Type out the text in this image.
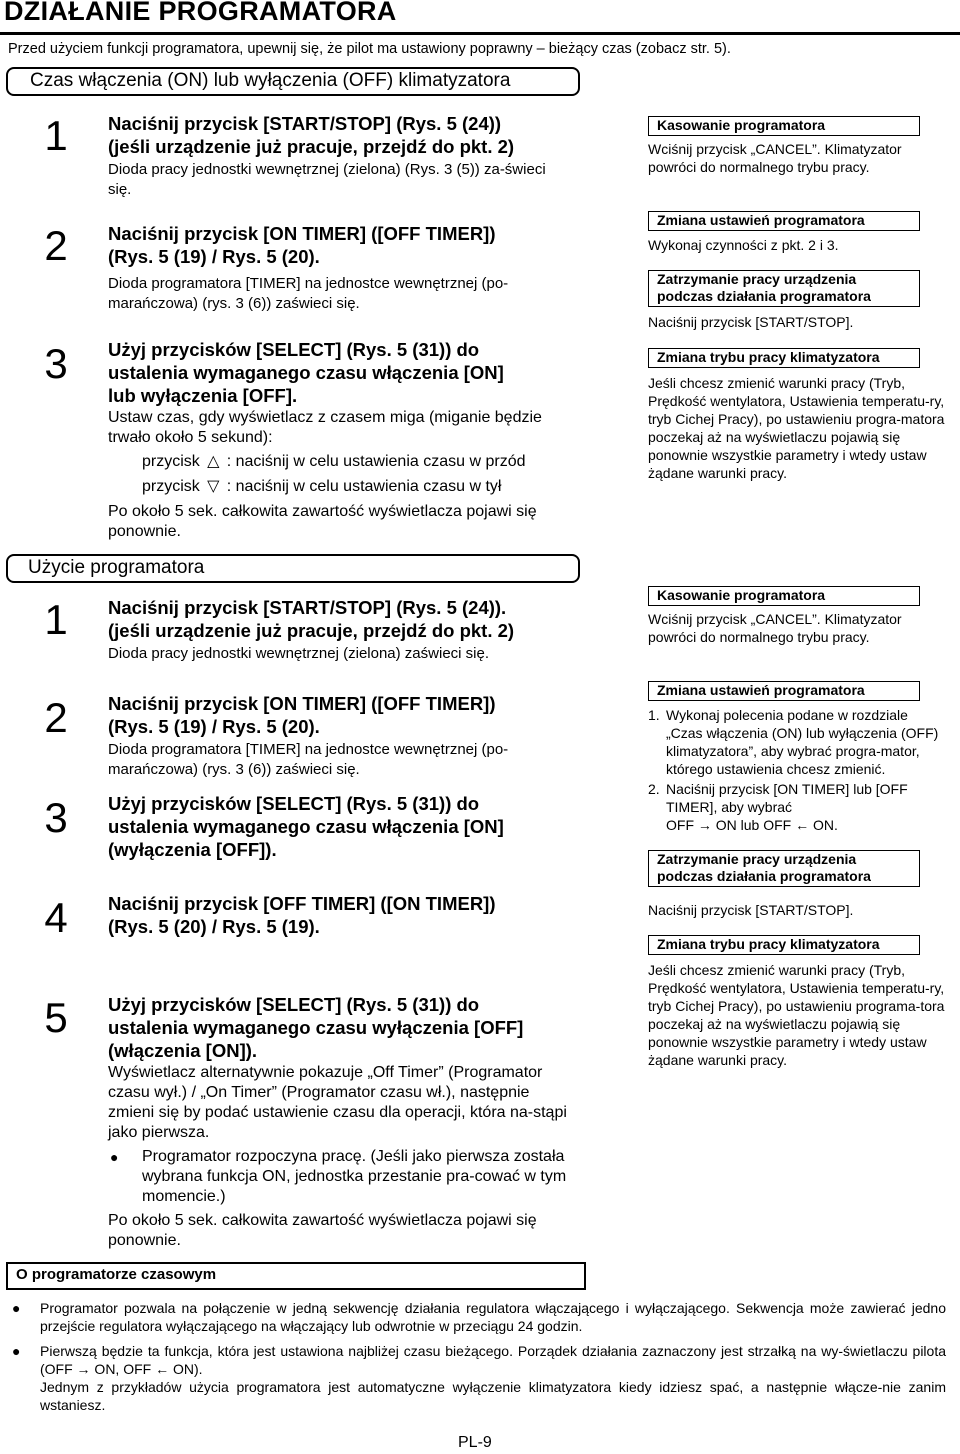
DZIAŁANIE PROGRAMATORA
Przed użyciem funkcji programatora, upewnij się, że pilot ma ustawiony poprawny – bieżący czas (zobacz str. 5).
Czas włączenia (ON) lub wyłączenia (OFF) klimatyzatora
1
2
3
Naciśnij przycisk [START/STOP] (Rys. 5 (24))
(jeśli urządzenie już pracuje, przejdź do pkt. 2)
Dioda pracy jednostki wewnętrznej (zielona) (Rys. 3 (5)) za-świeci się.
Naciśnij przycisk [ON TIMER] ([OFF TIMER])
(Rys. 5 (19) / Rys. 5 (20).
Dioda programatora [TIMER] na jednostce wewnętrznej (po-marańczowa) (rys. 3 (6)) zaświeci się.
Użyj przycisków [SELECT] (Rys. 5 (31)) do
ustalenia wymaganego czasu włączenia [ON]
lub wyłączenia [OFF].
Ustaw czas, gdy wyświetlacz z czasem miga (miganie będzie trwało około 5 sekund):
przycisk △ : naciśnij w celu ustawienia czasu w przód
przycisk ▽ : naciśnij w celu ustawienia czasu w tył
Po około 5 sek. całkowita zawartość wyświetlacza pojawi się ponownie.
Kasowanie programatora
Wciśnij przycisk „CANCEL”. Klimatyzator powróci do normalnego trybu pracy.
Zmiana ustawień programatora
Wykonaj czynności z pkt. 2 i 3.
Zatrzymanie pracy urządzenia
podczas działania programatora
Naciśnij przycisk [START/STOP].
Zmiana trybu pracy klimatyzatora
Jeśli chcesz zmienić warunki pracy (Tryb, Prędkość wentylatora, Ustawienia temperatu-ry, tryb Cichej Pracy), po ustawieniu progra-matora poczekaj aż na wyświetlaczu pojawią się ponownie wszystkie parametry i wtedy ustaw żądane warunki pracy.
Użycie programatora
1
2
3
4
5
Naciśnij przycisk [START/STOP] (Rys. 5 (24)).
(jeśli urządzenie już pracuje, przejdź do pkt. 2)
Dioda pracy jednostki wewnętrznej (zielona) zaświeci się.
Naciśnij przycisk [ON TIMER] ([OFF TIMER])
(Rys. 5 (19) / Rys. 5 (20).
Dioda programatora [TIMER] na jednostce wewnętrznej (po-marańczowa) (rys. 3 (6)) zaświeci się.
Użyj przycisków [SELECT] (Rys. 5 (31)) do
ustalenia wymaganego czasu włączenia [ON]
(wyłączenia [OFF]).
Naciśnij przycisk [OFF TIMER] ([ON TIMER])
(Rys. 5 (20) / Rys. 5 (19).
Użyj przycisków [SELECT] (Rys. 5 (31)) do
ustalenia wymaganego czasu wyłączenia [OFF]
(włączenia [ON]).
Wyświetlacz alternatywnie pokazuje „Off Timer” (Programator czasu wył.) / „On Timer” (Programator czasu wł.), następnie zmieni się by podać ustawienie czasu dla operacji, która na-stąpi jako pierwsza.
● Programator rozpoczyna pracę. (Jeśli jako pierwsza została wybrana funkcja ON, jednostka przestanie pra-cować w tym momencie.)
Po około 5 sek. całkowita zawartość wyświetlacza pojawi się ponownie.
Kasowanie programatora
Wciśnij przycisk „CANCEL”. Klimatyzator powróci do normalnego trybu pracy.
Zmiana ustawień programatora
1. Wykonaj polecenia podane w rozdziale „Czas włączenia (ON) lub wyłączenia (OFF) klimatyzatora”, aby wybrać progra-mator, którego ustawienia chcesz zmienić.
2. Naciśnij przycisk [ON TIMER] lub [OFF TIMER], aby wybrać
OFF → ON lub OFF ← ON.
Zatrzymanie pracy urządzenia
podczas działania programatora
Naciśnij przycisk [START/STOP].
Zmiana trybu pracy klimatyzatora
Jeśli chcesz zmienić warunki pracy (Tryb, Prędkość wentylatora, Ustawienia temperatu-ry, tryb Cichej Pracy), po ustawieniu programa-tora poczekaj aż na wyświetlaczu pojawią się ponownie wszystkie parametry i wtedy ustaw żądane warunki pracy.
O programatorze czasowym
● Programator pozwala na połączenie w jedną sekwencję działania regulatora włączającego i wyłączającego. Sekwencja może zawierać jedno przejście regulatora wyłączającego na włączający lub odwrotnie w przeciągu 24 godzin.
● Pierwszą będzie ta funkcja, która jest ustawiona najbliżej czasu bieżącego. Porządek działania zaznaczony jest strzałką na wy-świetlaczu pilota (OFF → ON, OFF ← ON).
Jednym z przykładów użycia programatora jest automatyczne wyłączenie klimatyzatora kiedy idziesz spać, a następnie włącze-nie zanim wstaniesz.
PL-9
